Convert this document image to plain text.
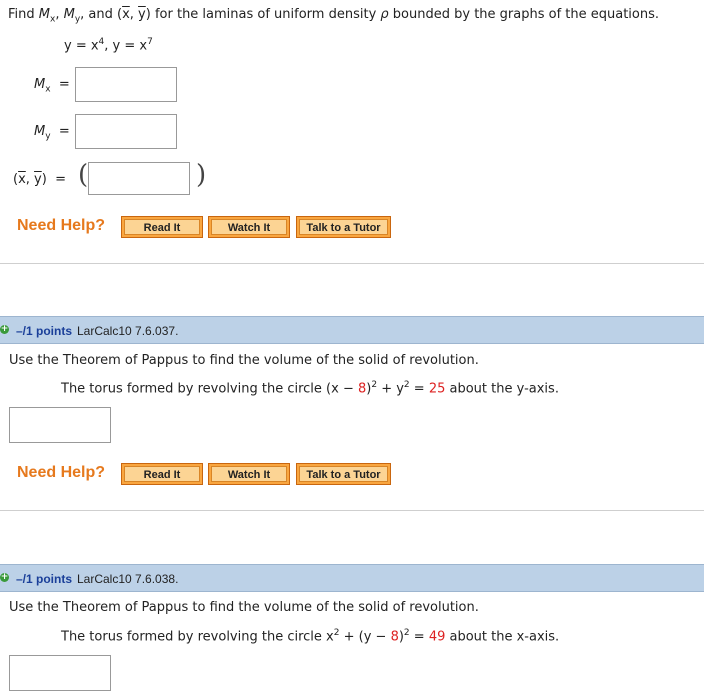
Find $M_x$, $M_y$, and ($\overline{x}$, $\overline{y}$) for the laminas of uniform density ρ bounded by the graphs of the equations.
$y = x^4$, $y = x^7$
$M_x$ =
$M_y$ =
($\overline{x}$, $\overline{y}$)  = (	)
Need Help?	Read It	Watch It	Talk to a Tutor
+ –/1 points LarCalc10 7.6.037.
Use the Theorem of Pappus to find the volume of the solid of revolution.
The torus formed by revolving the circle $(x - 8)^2 + y^2 = 25$ about the y-axis.
Need Help?	Read It	Watch It	Talk to a Tutor
+ –/1 points LarCalc10 7.6.038.
Use the Theorem of Pappus to find the volume of the solid of revolution.
The torus formed by revolving the circle $x^2 + (y - 8)^2 = 49$ about the x-axis.
